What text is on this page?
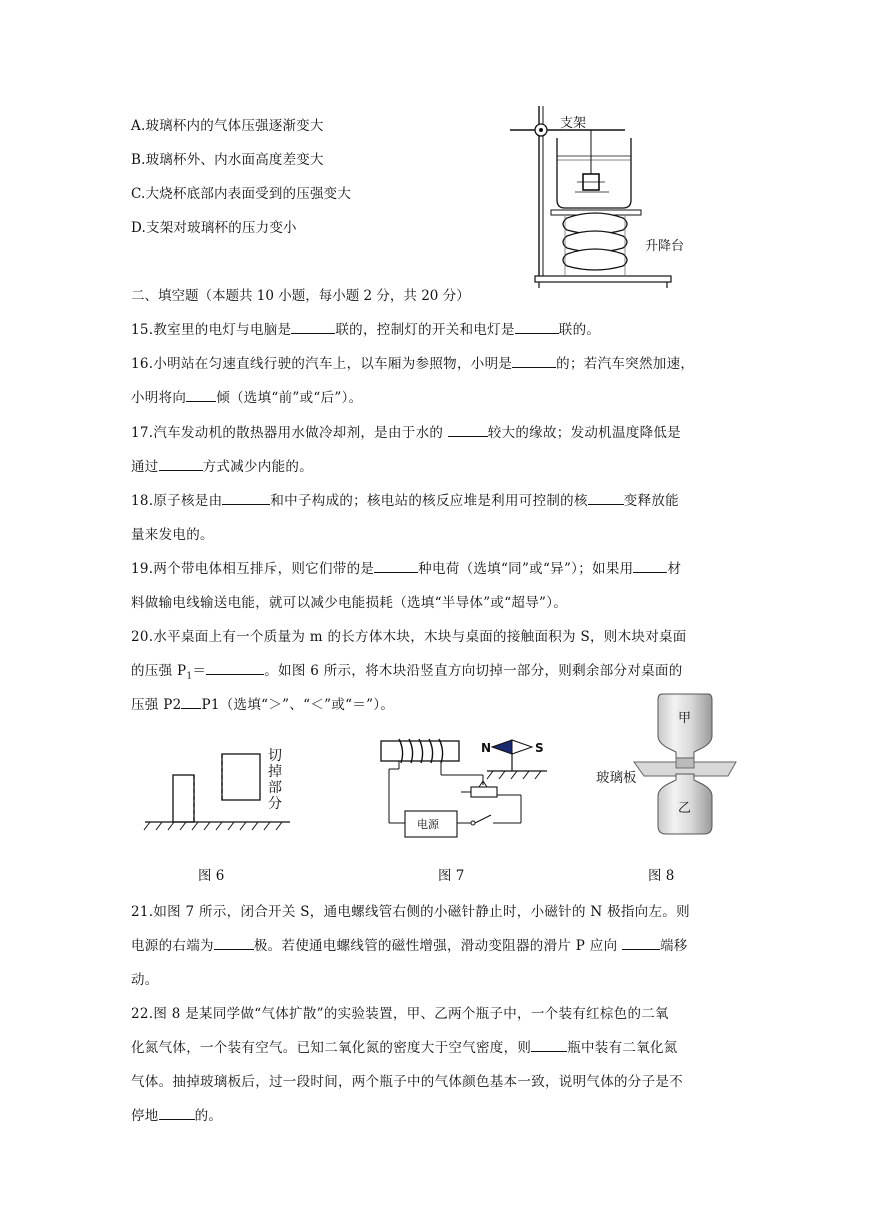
A.玻璃杯内的气体压强逐渐变大
B.玻璃杯外、内水面高度差变大
C.大烧杯底部内表面受到的压强变大
D.支架对玻璃杯的压力变小
支架
升降台
二、填空题（本题共 10 小题，每小题 2 分，共 20 分）
15.教室里的电灯与电脑是	联的，控制灯的开关和电灯是	联的。
16.小明站在匀速直线行驶的汽车上，以车厢为参照物，小明是	的；若汽车突然加速，
小明将向 倾（选填“前”或“后”）。
17.汽车发动机的散热器用水做冷却剂，是由于水的	较大的缘故；发动机温度降低是
通过	方式减少内能的。
18.原子核是由	和中子构成的；核电站的核反应堆是利用可控制的核	变释放能
量来发电的。
19.两个带电体相互排斥，则它们带的是	种电荷（选填“同”或“异”）；如果用	材
料做输电线输送电能，就可以减少电能损耗（选填“半导体”或“超导”）。
20.水平桌面上有一个质量为 m 的长方体木块，木块与桌面的接触面积为 S，则木块对桌面
的压强 $P_1=$	。如图 6 所示，将木块沿竖直方向切掉一部分，则剩余部分对桌面的
压强 P2 P1（选填“＞”、“＜”或“＝”）。
切掉部分
电源
N	S
甲
乙
玻璃板
图 6	图 7	图 8
21.如图 7 所示，闭合开关 S，通电螺线管右侧的小磁针静止时，小磁针的 N 极指向左。则
电源的右端为	极。若使通电螺线管的磁性增强，滑动变阻器的滑片 P 应向	端移
动。
22.图 8 是某同学做“气体扩散”的实验装置，甲、乙两个瓶子中，一个装有红棕色的二氧
化氮气体，一个装有空气。已知二氧化氮的密度大于空气密度，则	瓶中装有二氧化氮
气体。抽掉玻璃板后，过一段时间，两个瓶子中的气体颜色基本一致，说明气体的分子是不
停地	的。
